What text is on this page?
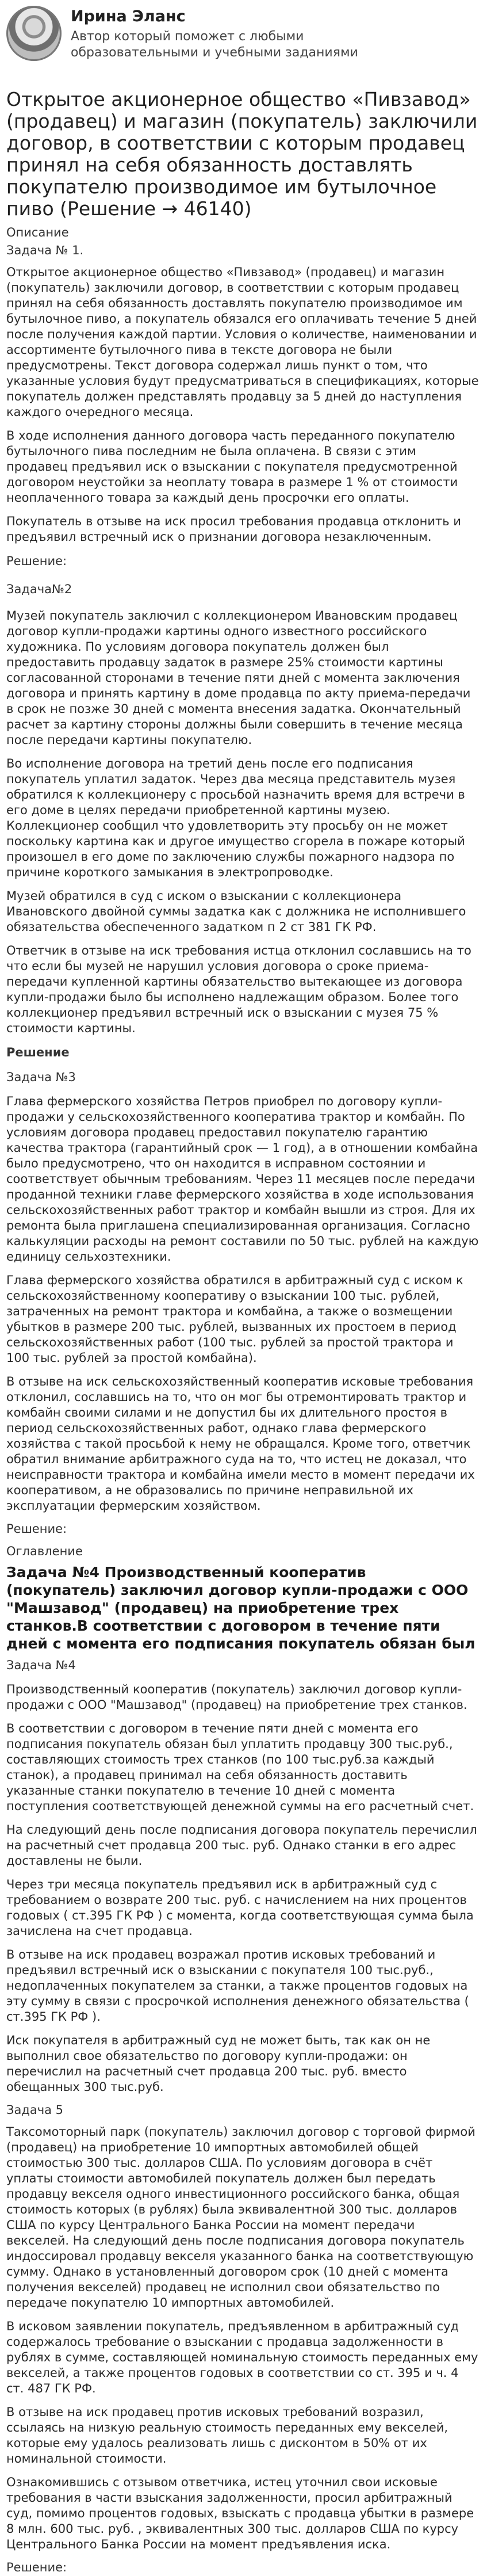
Ирина Эланс
Автор который поможет с любыми образовательными и учебными заданиями
Открытое акционерное общество «Пивзавод» (продавец) и магазин (покупатель) заключили договор, в соответствии с которым продавец принял на себя обязанность доставлять покупателю производимое им бутылочное пиво (Решение → 46140)
Описание
Задача № 1.

Открытое акционерное общество «Пивзавод» (продавец) и магазин (покупатель) заключили договор, в соответствии с которым продавец принял на себя обязанность доставлять покупателю производимое им бутылочное пиво, а покупатель обязался его оплачивать течение 5 дней после получения каждой партии. Условия о количестве, наименовании и ассортименте бутылочного пива в тексте договора не были предусмотрены. Текст договора содержал лишь пункт о том, что указанные условия будут предусматриваться в спецификациях, которые покупатель должен представлять продавцу за 5 дней до наступления каждого очередного месяца.

В ходе исполнения данного договора часть переданного покупателю бутылочного пива последним не была оплачена. В связи с этим продавец предъявил иск о взыскании с покупателя предусмотренной договором неустойки за неоплату товара в размере 1 % от стоимости неоплаченного товара за каждый день просрочки его оплаты.

Покупатель в отзыве на иск просил требования продавца отклонить и предъявил встречный иск о признании договора незаключенным.

Решение:
Задача№2

Музей покупатель заключил с коллекционером Ивановским продавец договор купли-продажи картины одного известного российского художника. По условиям договора покупатель должен был предоставить продавцу задаток в размере 25% стоимости картины согласованной сторонами в течение пяти дней с момента заключения договора и принять картину в доме продавца по акту приема-передачи в срок не позже 30 дней с момента внесения задатка. Окончательный расчет за картину стороны должны были совершить в течение месяца после передачи картины покупателю.

Во исполнение договора на третий день после его подписания покупатель уплатил задаток. Через два месяца представитель музея обратился к коллекционеру с просьбой назначить время для встречи в его доме в целях передачи приобретенной картины музею. Коллекционер сообщил что удовлетворить эту просьбу он не может поскольку картина как и другое имущество сгорела в пожаре который произошел в его доме по заключению службы пожарного надзора по причине короткого замыкания в электропроводке.

Музей обратился в суд с иском о взыскании с коллекционера Ивановского двойной суммы задатка как с должника не исполнившего обязательства обеспеченного задатком п 2 ст 381 ГК РФ.

Ответчик в отзыве на иск требования истца отклонил сославшись на то что если бы музей не нарушил условия договора о сроке приема-передачи купленной картины обязательство вытекающее из договора купли-продажи было бы исполнено надлежащим образом. Более того коллекционер предъявил встречный иск о взыскании с музея 75 % стоимости картины.

Решение
Задача №3

Глава фермерского хозяйства Петров приобрел по договору купли-продажи у сельскохозяйственного кооператива трактор и комбайн. По условиям договора продавец предоставил покупателю гарантию качества трактора (гарантийный срок — 1 год), а в отношении комбайна было предусмотрено, что он находится в исправном состоянии и соответствует обычным требованиям. Через 11 месяцев после передачи проданной техники главе фермерского хозяйства в ходе использования сельскохозяйственных работ трактор и комбайн вышли из строя. Для их ремонта была приглашена специализированная организация. Согласно калькуляции расходы на ремонт составили по 50 тыс. рублей на каждую единицу сельхозтехники.

Глава фермерского хозяйства обратился в арбитражный суд с иском к сельскохозяйственному кооперативу о взыскании 100 тыс. рублей, затраченных на ремонт трактора и комбайна, а также о возмещении убытков в размере 200 тыс. рублей, вызванных их простоем в период сельскохозяйственных работ (100 тыс. рублей за простой трактора и 100 тыс. рублей за простой комбайна).

В отзыве на иск сельскохозяйственный кооператив исковые требования отклонил, сославшись на то, что он мог бы отремонтировать трактор и комбайн своими силами и не допустил бы их длительного простоя в период сельскохозяйственных работ, однако глава фермерского хозяйства с такой просьбой к нему не обращался. Кроме того, ответчик обратил внимание арбитражного суда на то, что истец не доказал, что неисправности трактора и комбайна имели место в момент передачи их кооперативом, а не образовались по причине неправильной их эксплуатации фермерским хозяйством.

Решение:
Оглавление
Задача №4 Производственный кооператив (покупатель) заключил договор купли-продажи с ООО "Машзавод" (продавец) на приобретение трех станков.В соответствии с договором в течение пяти дней с момента его подписания покупатель обязан был
Задача №4

Производственный кооператив (покупатель) заключил договор купли-продажи с ООО "Машзавод" (продавец) на приобретение трех станков.

В соответствии с договором в течение пяти дней с момента его подписания покупатель обязан был уплатить продавцу 300 тыс.руб., составляющих стоимость трех станков (по 100 тыс.руб.за каждый станок), а продавец принимал на себя обязанность доставить указанные станки покупателю в течение 10 дней с момента поступления соответствующей денежной суммы на его расчетный счет.

На следующий день после подписания договора покупатель перечислил на расчетный счет продавца 200 тыс. руб. Однако станки в его адрес доставлены не были.

Через три месяца покупатель предъявил иск в арбитражный суд с требованием о возврате 200 тыс. руб. с начислением на них процентов годовых ( ст.395 ГК РФ ) с момента, когда соответствующая сумма была зачислена на счет продавца.

В отзыве на иск продавец возражал против исковых требований и предъявил встречный иск о взыскании с покупателя 100 тыс.руб., недоплаченных покупателем за станки, а также процентов годовых на эту сумму в связи с просрочкой исполнения денежного обязательства ( ст.395 ГК РФ ).

Иск покупателя в арбитражный суд не может быть, так как он не выполнил свое обязательство по договору купли-продажи: он перечислил на расчетный счет продавца 200 тыс. руб. вместо обещанных 300 тыс.руб.

Задача 5

Таксомоторный парк (покупатель) заключил договор с торговой фирмой (продавец) на приобретение 10 импортных автомобилей общей стоимостью 300 тыс. долларов США. По условиям договора в счёт уплаты стоимости автомобилей покупатель должен был передать продавцу векселя одного инвестиционного российского банка, общая стоимость которых (в рублях) была эквивалентной 300 тыс. долларов США по курсу Центрального Банка России на момент передачи векселей. На следующий день после подписания договора покупатель индоссировал продавцу векселя указанного банка на соответствующую сумму. Однако в установленный договором срок (10 дней с момента получения векселей) продавец не исполнил свои обязательство по передаче покупателю 10 импортных автомобилей.

В исковом заявлении покупатель, предъявленном в арбитражный суд содержалось требование о взыскании с продавца задолженности в рублях в сумме, составляющей номинальную стоимость переданных ему векселей, а также процентов годовых в соответствии со ст. 395 и ч. 4 ст. 487 ГК РФ.

В отзыве на иск продавец против исковых требований возразил, ссылаясь на низкую реальную стоимость переданных ему векселей, которые ему удалось реализовать лишь с дисконтом в 50% от их номинальной стоимости.

Ознакомившись с отзывом ответчика, истец уточнил свои исковые требования в части взыскания задолженности, просил арбитражный суд, помимо процентов годовых, взыскать с продавца убытки в размере 8 млн. 600 тыс. руб. , эквивалентных 300 тыс. долларов США по курсу Центрального Банка России на момент предъявления иска.

Решение:
